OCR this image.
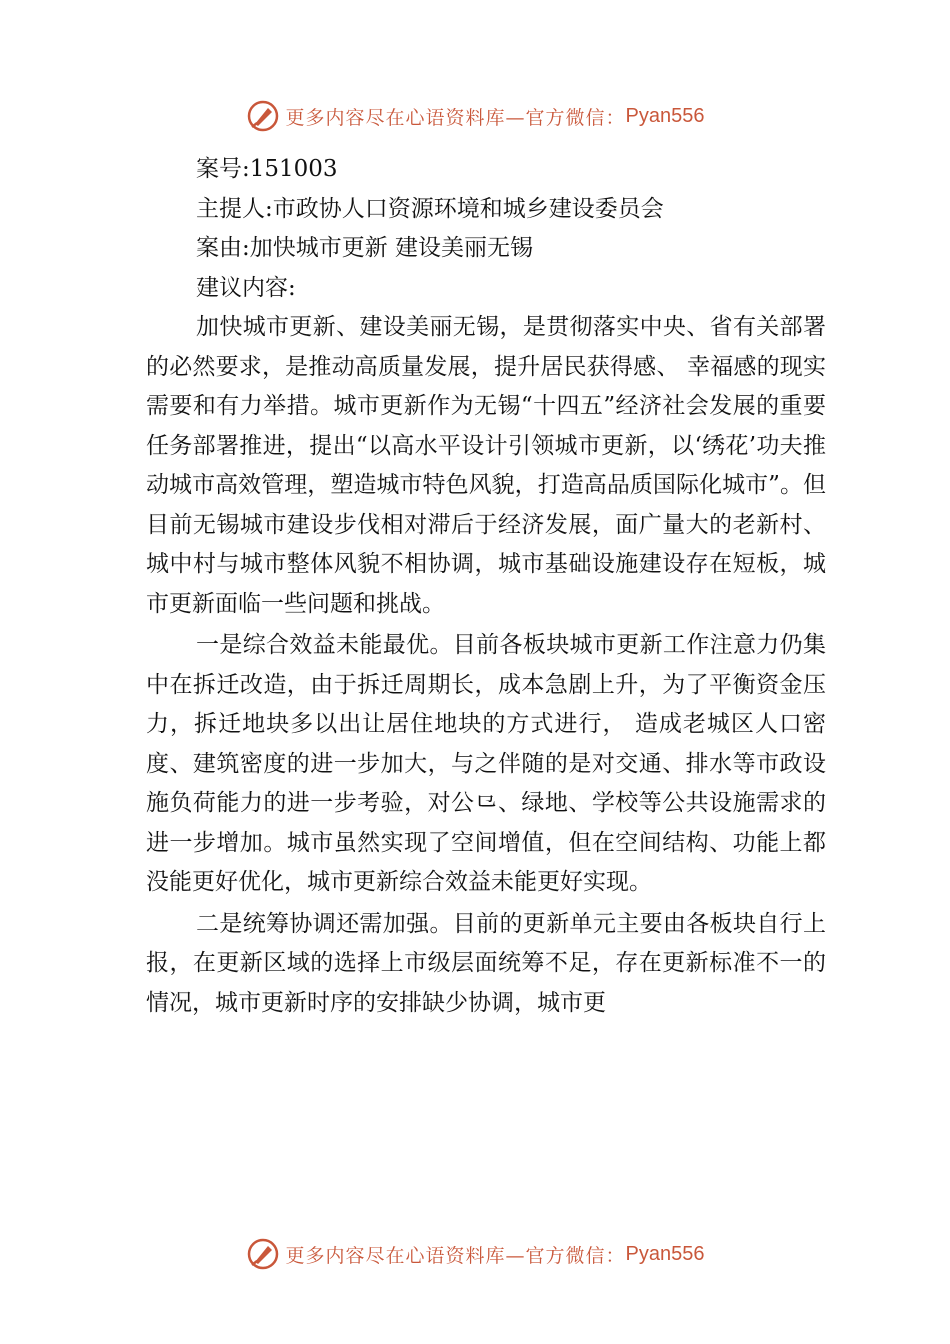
更多内容尽在心语资料库—官方微信： Pyan556

案号:151003

主提人:市政协人口资源环境和城乡建设委员会

案由:加快城市更新 建设美丽无锡

建议内容:

加快城市更新、建设美丽无锡，是贯彻落实中央、省有关部署的必然要求，是推动高质量发展，提升居民获得感、 幸福感的现实需要和有力举措。城市更新作为无锡“十四五”经济社会发展的重要任务部署推进，提出“以高水平设计引领城市更新，以‘绣花’功夫推动城市高效管理，塑造城市特色风貌，打造高品质国际化城市”。但目前无锡城市建设步伐相对滞后于经济发展，面广量大的老新村、城中村与城市整体风貌不相协调，城市基础设施建设存在短板，城市更新面临一些问题和挑战。

一是综合效益未能最优。目前各板块城市更新工作注意力仍集中在拆迁改造，由于拆迁周期长，成本急剧上升，为了平衡资金压力，拆迁地块多以出让居住地块的方式进行， 造成老城区人口密度、建筑密度的进一步加大，与之伴随的是对交通、排水等市政设施负荷能力的进一步考验，对公⺋、绿地、学校等公共设施需求的进一步增加。城市虽然实现了空间增值，但在空间结构、功能上都没能更好优化，城市更新综合效益未能更好实现。

二是统筹协调还需加强。目前的更新单元主要由各板块自行上报，在更新区域的选择上市级层面统筹不足，存在更新标准不一的情况，城市更新时序的安排缺少协调，城市更

更多内容尽在心语资料库—官方微信： Pyan556
